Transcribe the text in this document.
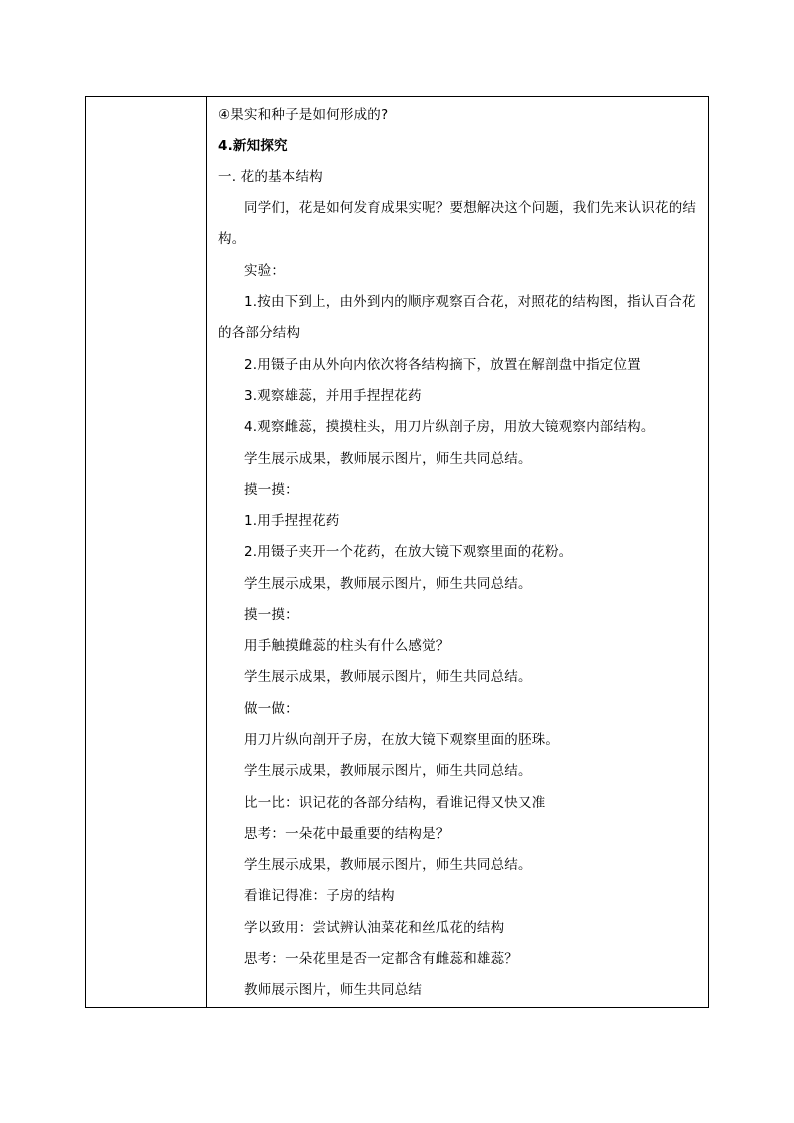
④果实和种子是如何形成的?
4.新知探究
一. 花的基本结构
同学们，花是如何发育成果实呢？要想解决这个问题，我们先来认识花的结
构。
实验：
1.按由下到上，由外到内的顺序观察百合花，对照花的结构图，指认百合花
的各部分结构
2.用镊子由从外向内依次将各结构摘下，放置在解剖盘中指定位置
3.观察雄蕊，并用手捏捏花药
4.观察雌蕊，摸摸柱头，用刀片纵剖子房，用放大镜观察内部结构。
学生展示成果，教师展示图片，师生共同总结。
摸一摸：
1.用手捏捏花药
2.用镊子夹开一个花药，在放大镜下观察里面的花粉。
学生展示成果，教师展示图片，师生共同总结。
摸一摸：
用手触摸雌蕊的柱头有什么感觉？
学生展示成果，教师展示图片，师生共同总结。
做一做：
用刀片纵向剖开子房，在放大镜下观察里面的胚珠。
学生展示成果，教师展示图片，师生共同总结。
比一比：识记花的各部分结构，看谁记得又快又准
思考：一朵花中最重要的结构是？
学生展示成果，教师展示图片，师生共同总结。
看谁记得准：子房的结构
学以致用：尝试辨认油菜花和丝瓜花的结构
思考：一朵花里是否一定都含有雌蕊和雄蕊？
教师展示图片，师生共同总结
